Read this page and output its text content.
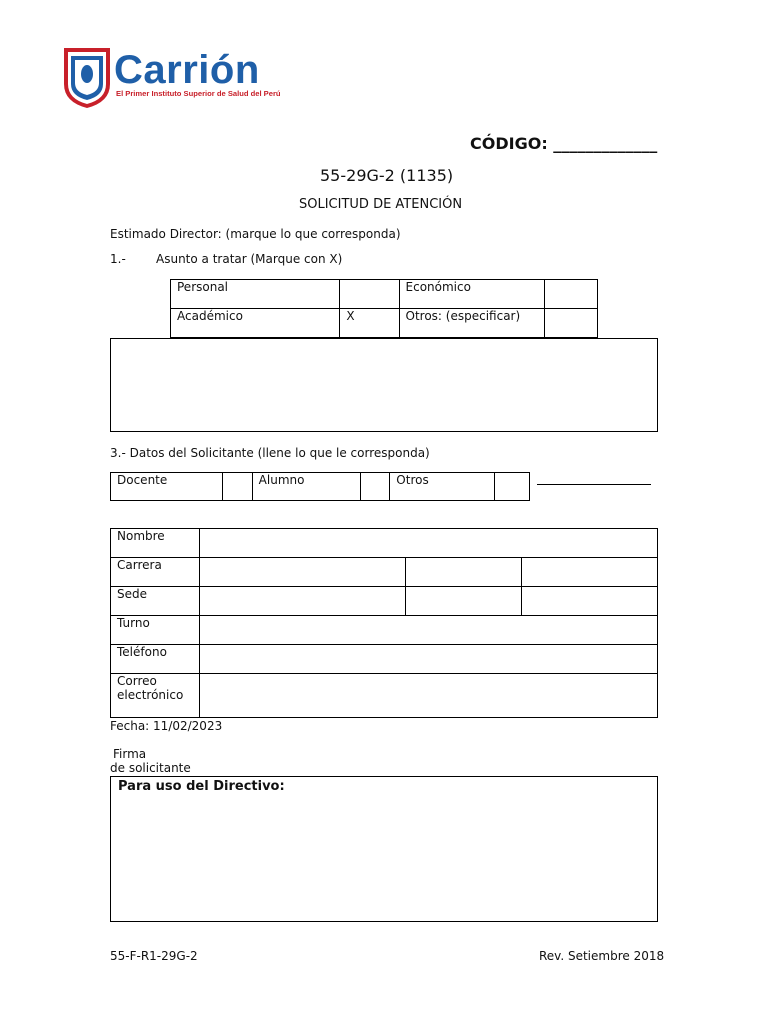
Carrión
El Primer Instituto Superior de Salud del Perú
CÓDIGO: _____________
55-29G-2 (1135)
SOLICITUD DE ATENCIÓN
Estimado Director: (marque lo que corresponda)
1.-	Asunto a tratar (Marque con X)
Personal		Económico	
Académico	X	Otros: (especificar)	
3.- Datos del Solicitante (llene lo que le corresponda)
Docente		Alumno		Otros	
Nombre			
Carrera			
Sede			
Turno			
Teléfono			
Correo electrónico			
Fecha: 11/02/2023
Firma
de solicitante
Para uso del Directivo:
55-F-R1-29G-2	Rev. Setiembre 2018
